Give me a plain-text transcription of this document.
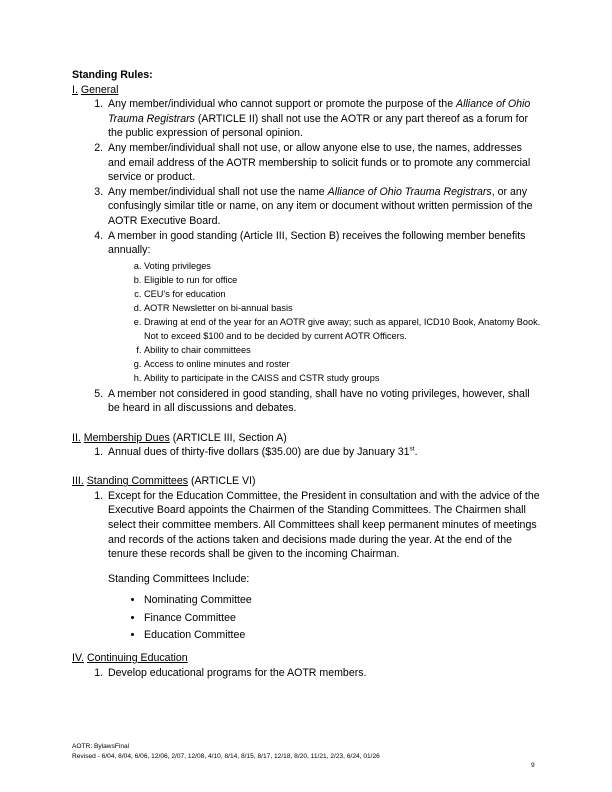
Standing Rules:

I. General

1. Any member/individual who cannot support or promote the purpose of the Alliance of Ohio Trauma Registrars (ARTICLE II) shall not use the AOTR or any part thereof as a forum for the public expression of personal opinion.
2. Any member/individual shall not use, or allow anyone else to use, the names, addresses and email address of the AOTR membership to solicit funds or to promote any commercial service or product.
3. Any member/individual shall not use the name Alliance of Ohio Trauma Registrars, or any confusingly similar title or name, on any item or document without written permission of the AOTR Executive Board.
4. A member in good standing (Article III, Section B) receives the following member benefits annually:
a. Voting privileges
b. Eligible to run for office
c. CEU’s for education
d. AOTR Newsletter on bi-annual basis
e. Drawing at end of the year for an AOTR give away; such as apparel, ICD10 Book, Anatomy Book. Not to exceed $100 and to be decided by current AOTR Officers.
f. Ability to chair committees
g. Access to online minutes and roster
h. Ability to participate in the CAISS and CSTR study groups
5. A member not considered in good standing, shall have no voting privileges, however, shall be heard in all discussions and debates.

II. Membership Dues (ARTICLE III, Section A)

1. Annual dues of thirty-five dollars ($35.00) are due by January 31st.

III. Standing Committees (ARTICLE VI)

1. Except for the Education Committee, the President in consultation and with the advice of the Executive Board appoints the Chairmen of the Standing Committees. The Chairmen shall select their committee members. All Committees shall keep permanent minutes of meetings and records of the actions taken and decisions made during the year. At the end of the tenure these records shall be given to the incoming Chairman.

Standing Committees Include:

• Nominating Committee
• Finance Committee
• Education Committee

IV. Continuing Education

1. Develop educational programs for the AOTR members.
AOTR: BylawsFinal
Revised - 6/04, 8/04, 6/06, 12/06, 2/07, 12/08, 4/10, 8/14, 8/15, 8/17, 12/18, 8/20, 11/21, 2/23, 6/24, 01/26
9
